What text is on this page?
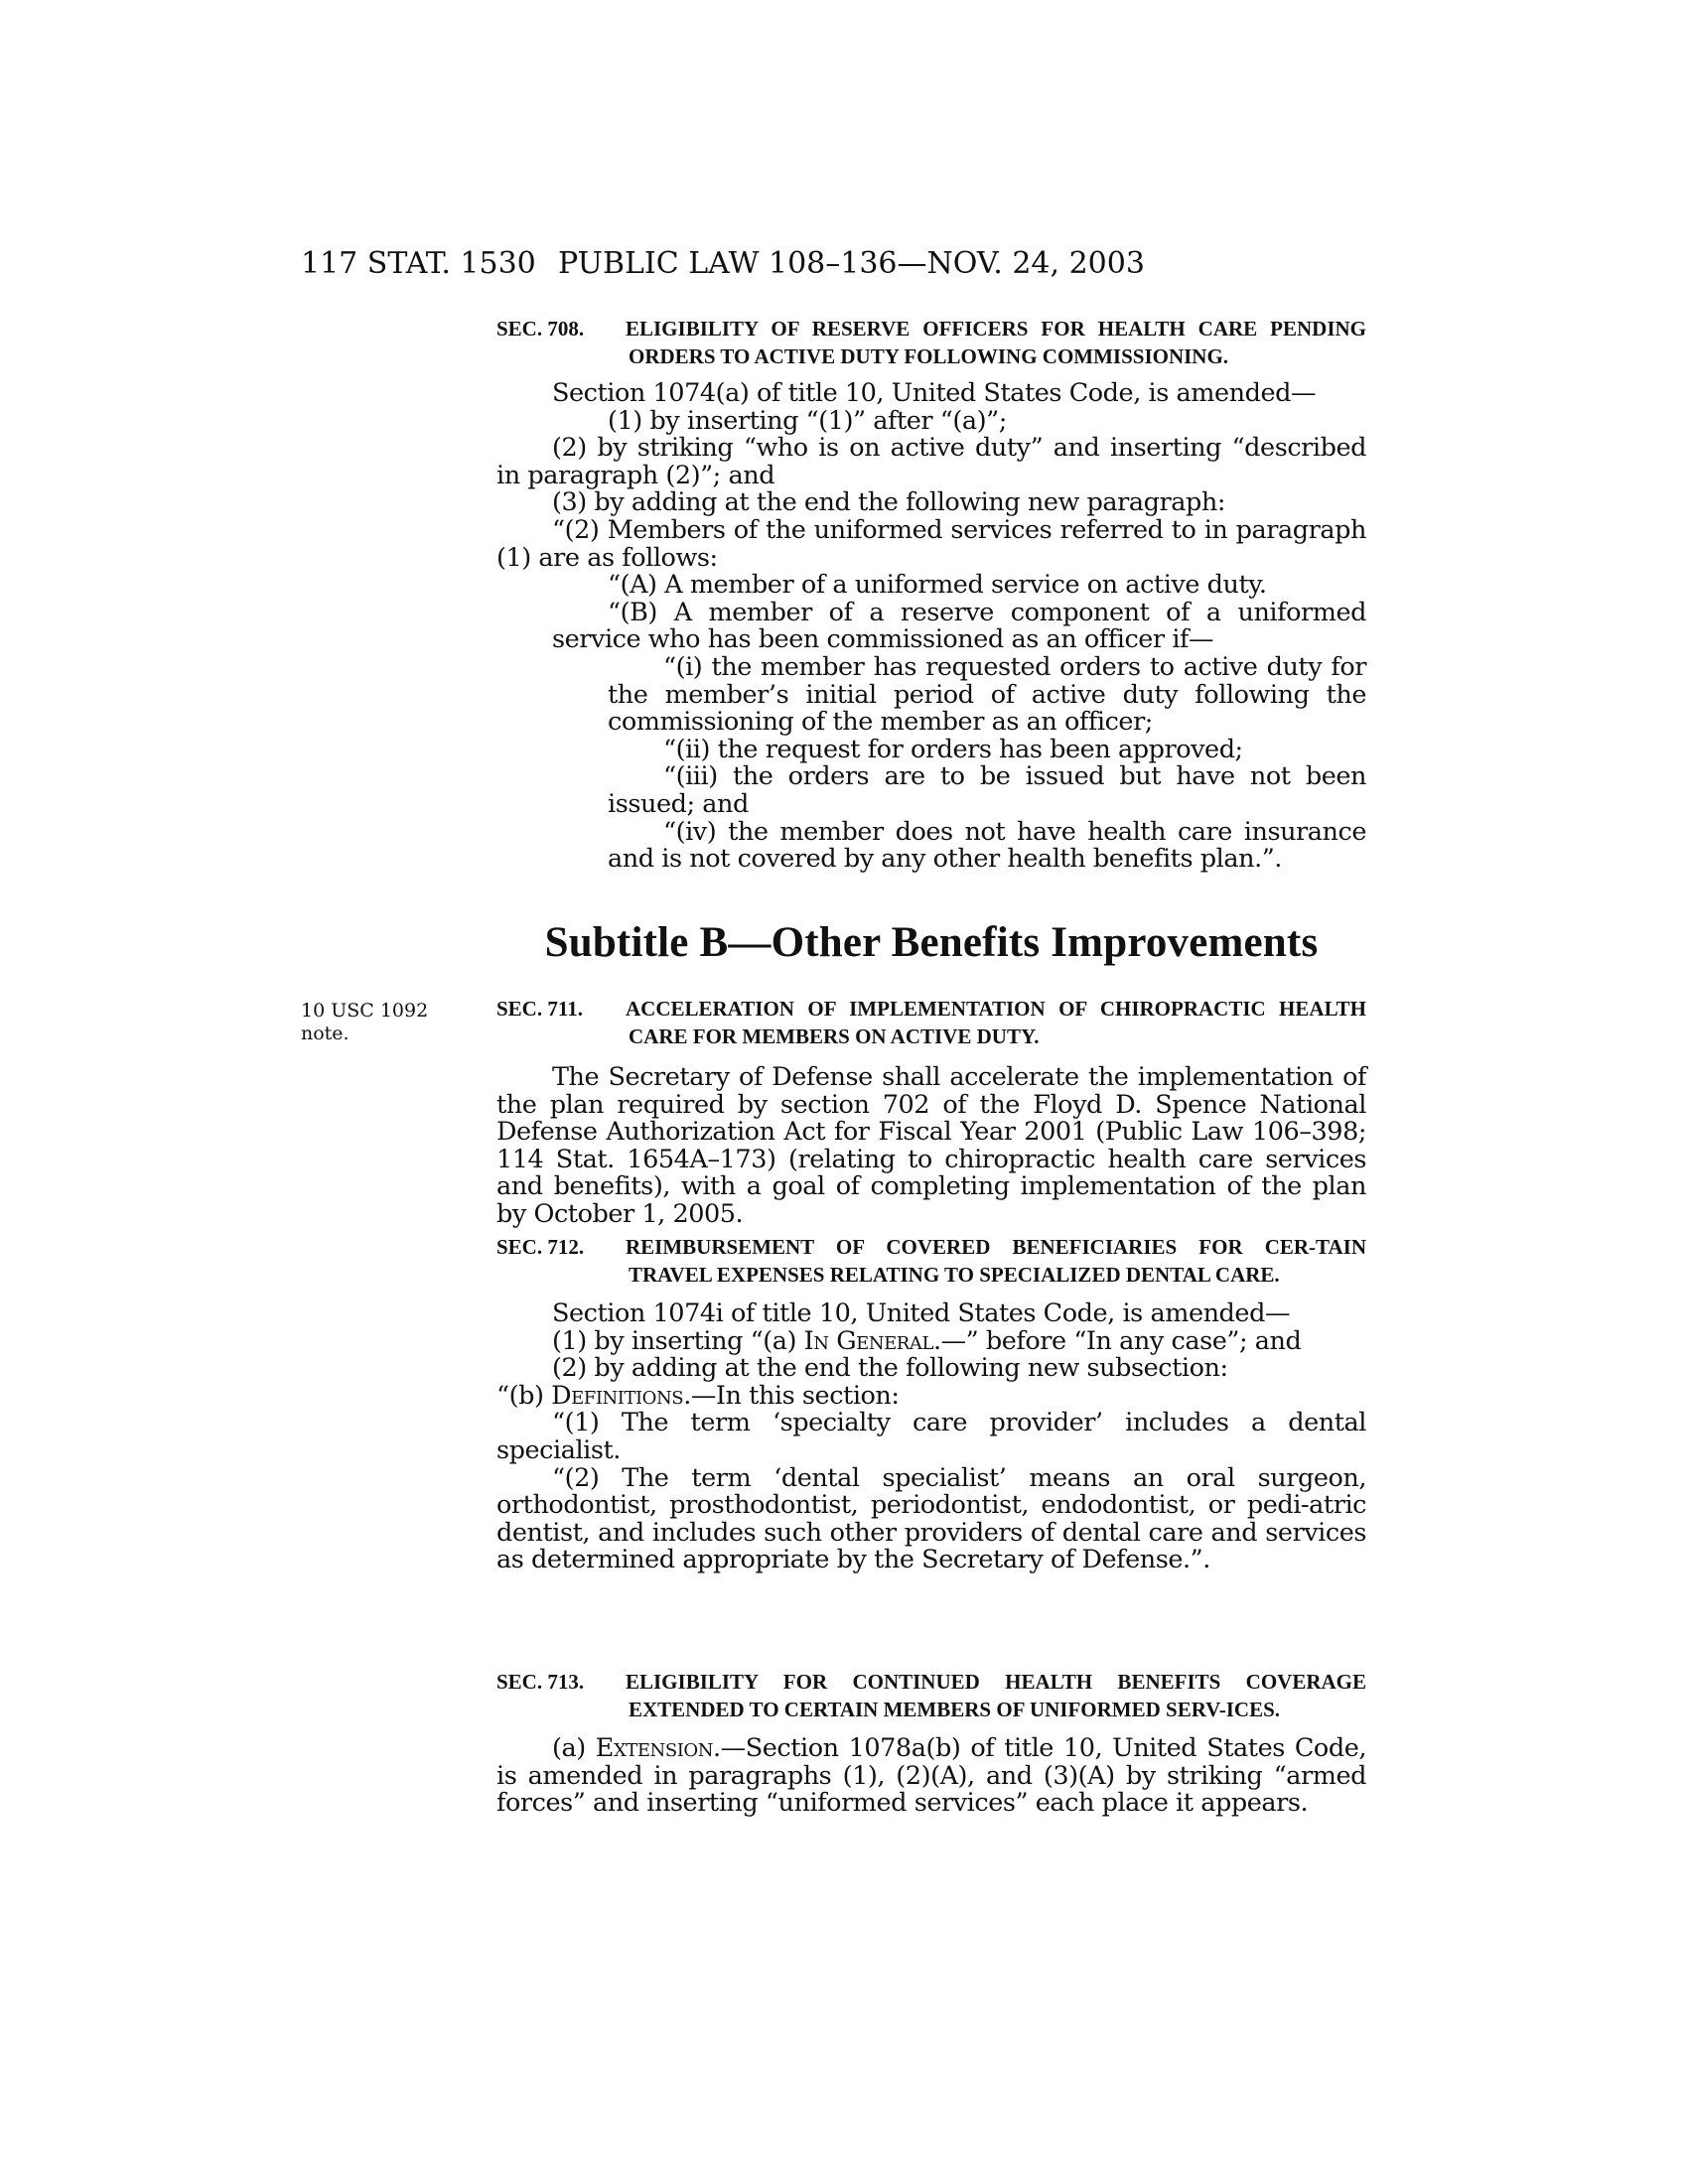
117 STAT. 1530 PUBLIC LAW 108–136—NOV. 24, 2003
SEC. 708. ELIGIBILITY OF RESERVE OFFICERS FOR HEALTH CARE PENDING ORDERS TO ACTIVE DUTY FOLLOWING COMMISSIONING.

Section 1074(a) of title 10, United States Code, is amended—

(1) by inserting “(1)” after “(a)”;

(2) by striking “who is on active duty” and inserting “described in paragraph (2)”; and

(3) by adding at the end the following new paragraph:

“(2) Members of the uniformed services referred to in paragraph (1) are as follows:

“(A) A member of a uniformed service on active duty.

“(B) A member of a reserve component of a uniformed service who has been commissioned as an officer if—

“(i) the member has requested orders to active duty for the member’s initial period of active duty following the commissioning of the member as an officer;

“(ii) the request for orders has been approved;

“(iii) the orders are to be issued but have not been issued; and

“(iv) the member does not have health care insurance and is not covered by any other health benefits plan.”.

Subtitle B—Other Benefits Improvements
10 USC 1092
note.
SEC. 711. ACCELERATION OF IMPLEMENTATION OF CHIROPRACTIC HEALTH CARE FOR MEMBERS ON ACTIVE DUTY.

The Secretary of Defense shall accelerate the implementation of the plan required by section 702 of the Floyd D. Spence National Defense Authorization Act for Fiscal Year 2001 (Public Law 106–398; 114 Stat. 1654A–173) (relating to chiropractic health care services and benefits), with a goal of completing implementation of the plan by October 1, 2005.

SEC. 712. REIMBURSEMENT OF COVERED BENEFICIARIES FOR CER-TAIN TRAVEL EXPENSES RELATING TO SPECIALIZED DENTAL CARE.

Section 1074i of title 10, United States Code, is amended—

(1) by inserting “(a) In General.—” before “In any case”; and

(2) by adding at the end the following new subsection:

“(b) Definitions.—In this section:

“(1) The term ‘specialty care provider’ includes a dental specialist.

“(2) The term ‘dental specialist’ means an oral surgeon, orthodontist, prosthodontist, periodontist, endodontist, or pedi-atric dentist, and includes such other providers of dental care and services as determined appropriate by the Secretary of Defense.”.

SEC. 713. ELIGIBILITY FOR CONTINUED HEALTH BENEFITS COVERAGE EXTENDED TO CERTAIN MEMBERS OF UNIFORMED SERV-ICES.

(a) Extension.—Section 1078a(b) of title 10, United States Code, is amended in paragraphs (1), (2)(A), and (3)(A) by striking “armed forces” and inserting “uniformed services” each place it appears.
